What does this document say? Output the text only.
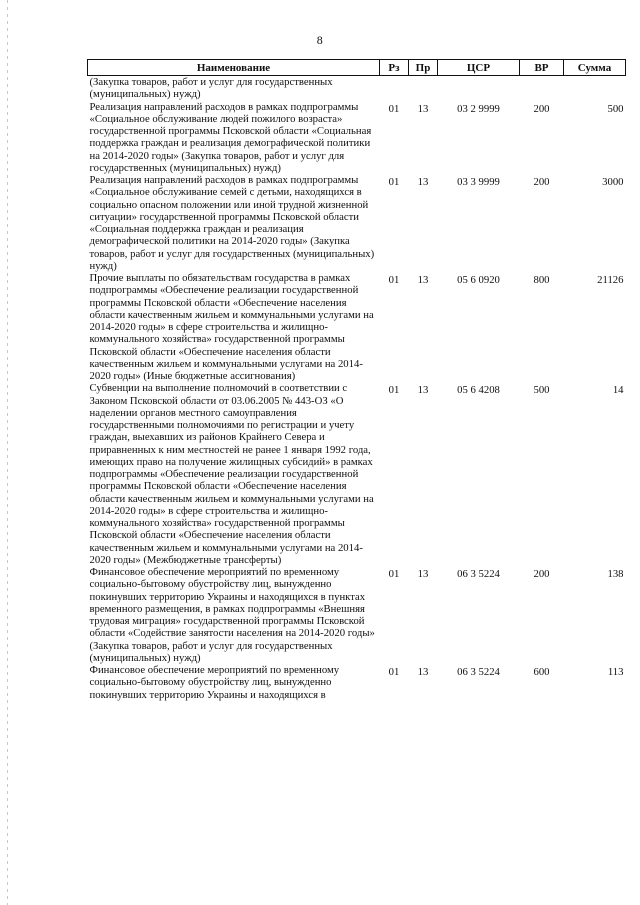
8
Наименование	Рз	Пр	ЦСР	ВР	Сумма
(Закупка товаров, работ и услуг для государственных (муниципальных) нужд)					
Реализация направлений расходов в рамках подпрограммы «Социальное обслуживание людей пожилого возраста» государственной программы Псковской области «Социальная поддержка граждан и реализация демографической политики на 2014-2020 годы» (Закупка товаров, работ и услуг для государственных (муниципальных) нужд)	01	13	03 2 9999	200	500
Реализация направлений расходов в рамках подпрограммы «Социальное обслуживание семей с детьми, находящихся в социально опасном положении или иной трудной жизненной ситуации» государственной программы Псковской области «Социальная поддержка граждан и реализация демографической политики на 2014-2020 годы» (Закупка товаров, работ и услуг для государственных (муниципальных) нужд)	01	13	03 3 9999	200	3000
Прочие выплаты по обязательствам государства в рамках подпрограммы «Обеспечение реализации государственной программы Псковской области «Обеспечение населения области качественным жильем и коммунальными услугами на 2014-2020 годы» в сфере строительства и жилищно-коммунального хозяйства» государственной программы Псковской области «Обеспечение населения области качественным жильем и коммунальными услугами на 2014-2020 годы» (Иные бюджетные ассигнования)	01	13	05 6 0920	800	21126
Субвенции на выполнение полномочий в соответствии с Законом Псковской области от 03.06.2005 № 443-ОЗ «О наделении органов местного самоуправления государственными полномочиями по регистрации и учету граждан, выехавших из районов Крайнего Севера и приравненных к ним местностей не ранее 1 января 1992 года, имеющих право на получение жилищных субсидий» в рамках подпрограммы «Обеспечение реализации государственной программы Псковской области «Обеспечение населения области качественным жильем и коммунальными услугами на 2014-2020 годы» в сфере строительства и жилищно-коммунального хозяйства» государственной программы Псковской области «Обеспечение населения области качественным жильем и коммунальными услугами на 2014-2020 годы» (Межбюджетные трансферты)	01	13	05 6 4208	500	14
Финансовое обеспечение мероприятий по временному социально-бытовому обустройству лиц, вынужденно покинувших территорию Украины и находящихся в пунктах временного размещения, в рамках подпрограммы «Внешняя трудовая миграция» государственной программы Псковской области «Содействие занятости населения на 2014-2020 годы» (Закупка товаров, работ и услуг для государственных (муниципальных) нужд)	01	13	06 3 5224	200	138
Финансовое обеспечение мероприятий по временному социально-бытовому обустройству лиц, вынужденно покинувших территорию Украины и находящихся в	01	13	06 3 5224	600	113
